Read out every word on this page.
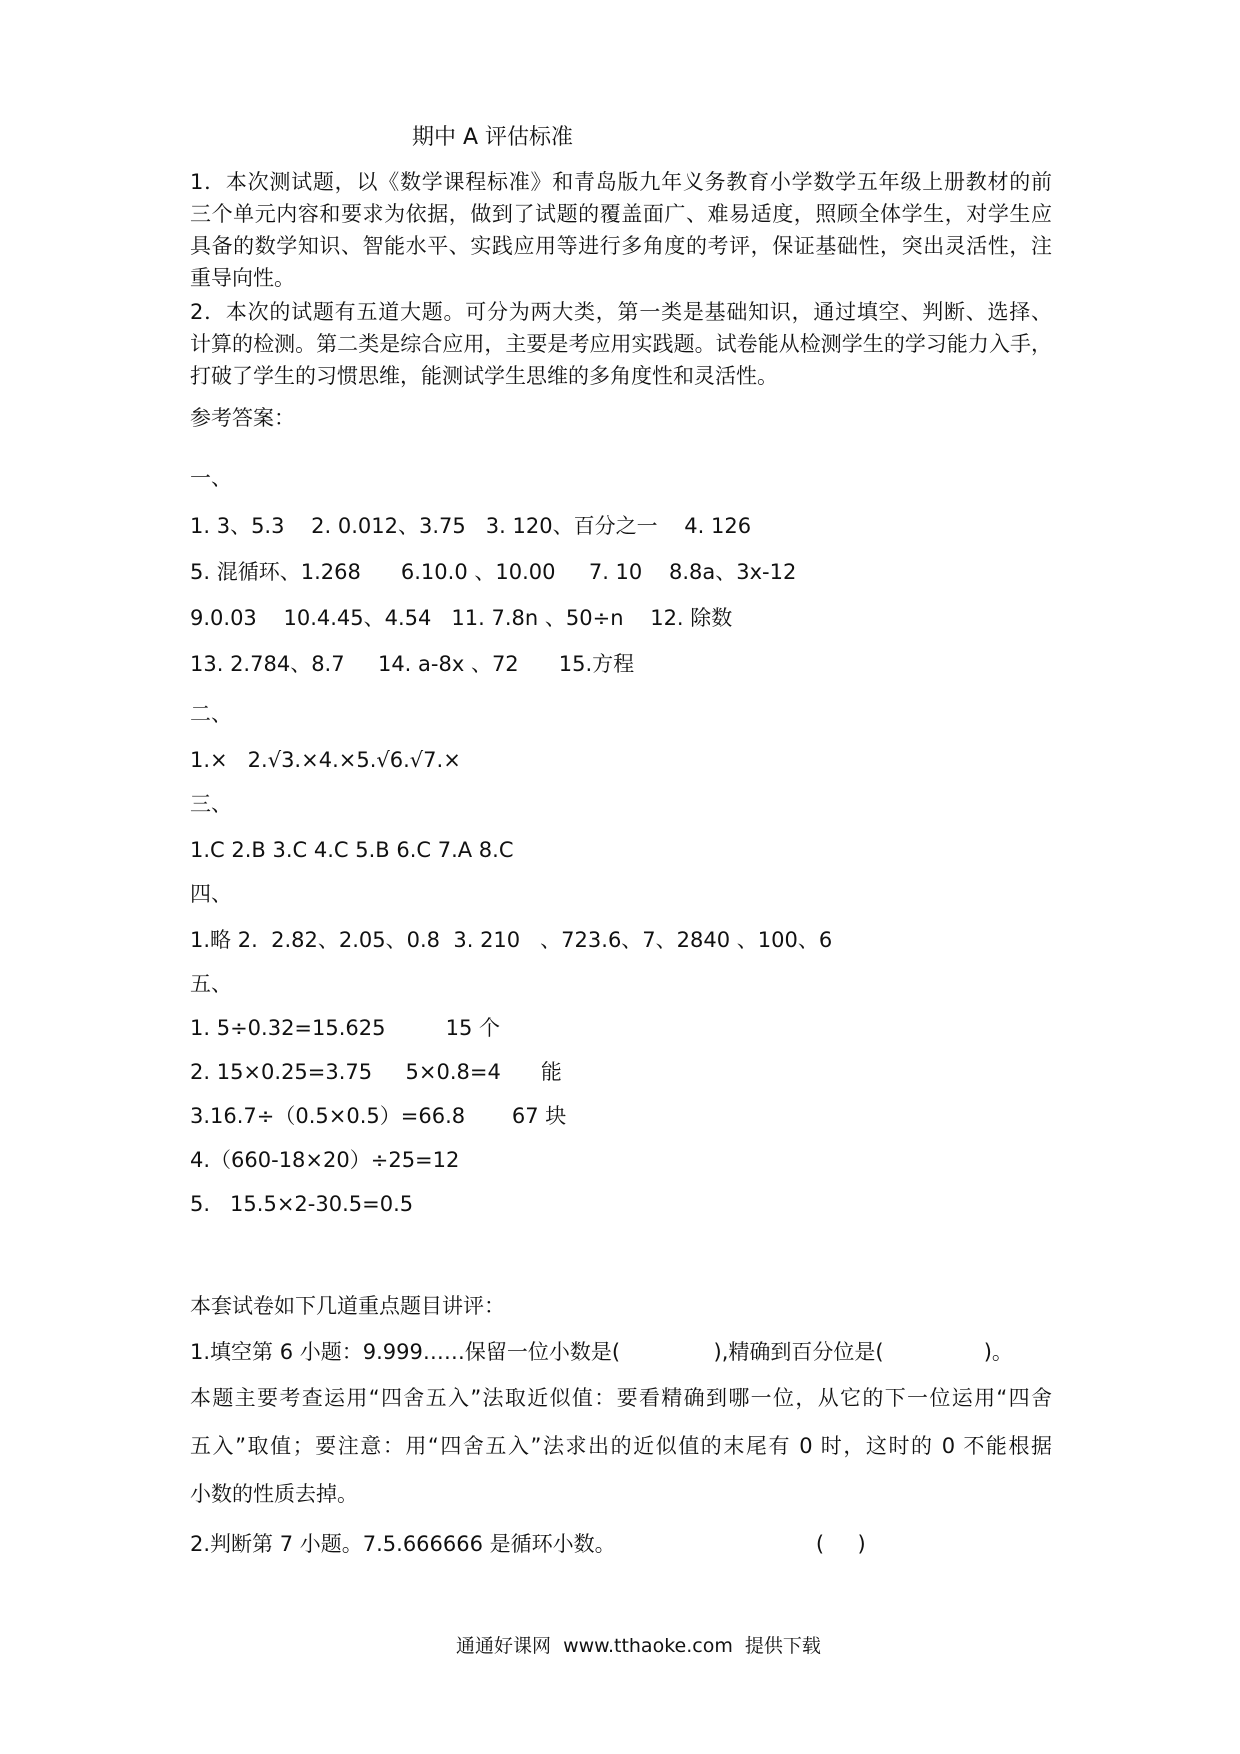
期中 A 评估标准
1．本次测试题，以《数学课程标准》和青岛版九年义务教育小学数学五年级上册教材的前
三个单元内容和要求为依据，做到了试题的覆盖面广、难易适度，照顾全体学生，对学生应
具备的数学知识、智能水平、实践应用等进行多角度的考评，保证基础性，突出灵活性，注
重导向性。
2．本次的试题有五道大题。可分为两大类，第一类是基础知识，通过填空、判断、选择、
计算的检测。第二类是综合应用，主要是考应用实践题。试卷能从检测学生的学习能力入手，
打破了学生的习惯思维，能测试学生思维的多角度性和灵活性。
参考答案：
一、
1. 3、5.3    2. 0.012、3.75   3. 120、百分之一    4. 126
5. 混循环、1.268      6.10.0 、10.00     7. 10    8.8a、3x-12
9.0.03    10.4.45、4.54   11. 7.8n 、50÷n    12. 除数
13. 2.784、8.7     14. a-8x 、72      15.方程
二、
1.×   2.√3.×4.×5.√6.√7.×
三、
1.C 2.B 3.C 4.C 5.B 6.C 7.A 8.C
四、
1.略 2.  2.82、2.05、0.8  3. 210   、723.6、7、2840 、100、6
五、
1. 5÷0.32=15.625         15 个
2. 15×0.25=3.75     5×0.8=4      能
3.16.7÷（0.5×0.5）=66.8       67 块
4.（660-18×20）÷25=12
5.   15.5×2-30.5=0.5
本套试卷如下几道重点题目讲评：
1.填空第 6 小题：9.999……保留一位小数是(              ),精确到百分位是(               )。
本题主要考查运用“四舍五入”法取近似值：要看精确到哪一位，从它的下一位运用“四舍
五入”取值；要注意：用“四舍五入”法求出的近似值的末尾有 0 时，这时的 0 不能根据
小数的性质去掉。
2.判断第 7 小题。7.5.666666 是循环小数。                              (     )
通通好课网  www.tthaoke.com  提供下载
